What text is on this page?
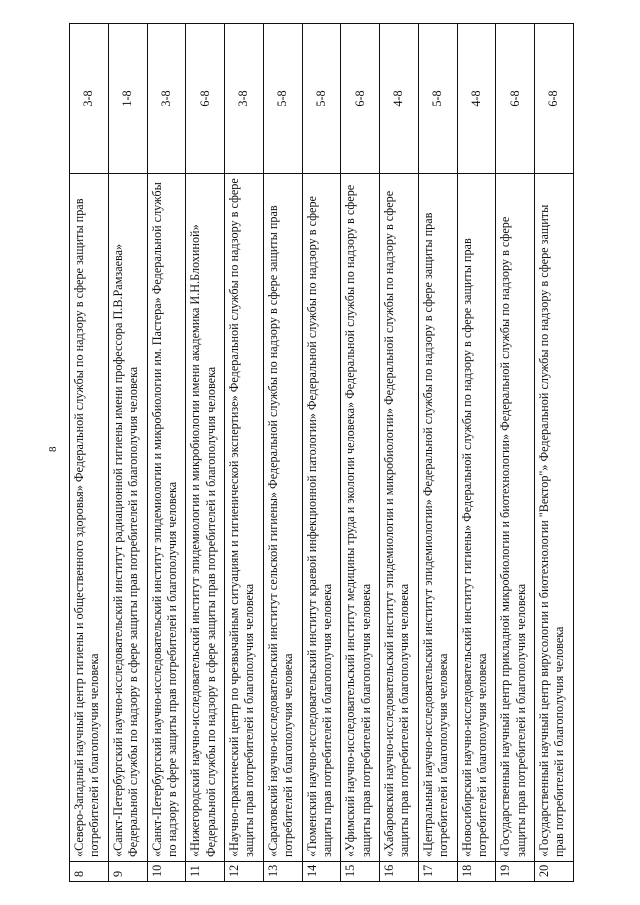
8
8	«Северо-Западный научный центр гигиены и общественного здоровья» Федеральной службы по надзору в сфере защиты прав потребителей и благополучия человека	3-8
9	«Санкт-Петербургский научно-исследовательский институт радиационной гигиены имени профессора П.В.Рамзаева» Федеральной службы по надзору в сфере защиты прав потребителей и благополучия человека	1-8
10	«Санкт-Петербургский научно-исследовательский институт эпидемиологии и микробиологии им. Пастера» Федеральной службы по надзору в сфере защиты прав потребителей и благополучия человека	3-8
11	«Нижегородский научно-исследовательский институт эпидемиологии и микробиологии имени академика И.Н.Блохиной» Федеральной службы по надзору в сфере защиты прав потребителей и благополучия человека	6-8
12	«Научно-практический центр по чрезвычайным ситуациям и гигиенической экспертизе» Федеральной службы по надзору в сфере защиты прав потребителей и благополучия человека	3-8
13	«Саратовский научно-исследовательский институт сельской гигиены» Федеральной службы по надзору в сфере защиты прав потребителей и благополучия человека	5-8
14	«Тюменский научно-исследовательский институт краевой инфекционной патологии» Федеральной службы по надзору в сфере защиты прав потребителей и благополучия человека	5-8
15	«Уфимский научно-исследовательский институт медицины труда и экологии человека» Федеральной службы по надзору в сфере защиты прав потребителей и благополучия человека	6-8
16	«Хабаровский научно-исследовательский институт эпидемиологии и микробиологии» Федеральной службы по надзору в сфере защиты прав потребителей и благополучия человека	4-8
17	«Центральный научно-исследовательский институт эпидемиологии» Федеральной службы по надзору в сфере защиты прав потребителей и благополучия человека	5-8
18	«Новосибирский научно-исследовательский институт гигиены» Федеральной службы по надзору в сфере защиты прав потребителей и благополучия человека	4-8
19	«Государственный научный центр прикладной микробиологии и биотехнологии» Федеральной службы по надзору в сфере защиты прав потребителей и благополучия человека	6-8
20	«Государственный научный центр вирусологии и биотехнологии "Вектор"» Федеральной службы по надзору в сфере защиты прав потребителей и благополучия человека	6-8
